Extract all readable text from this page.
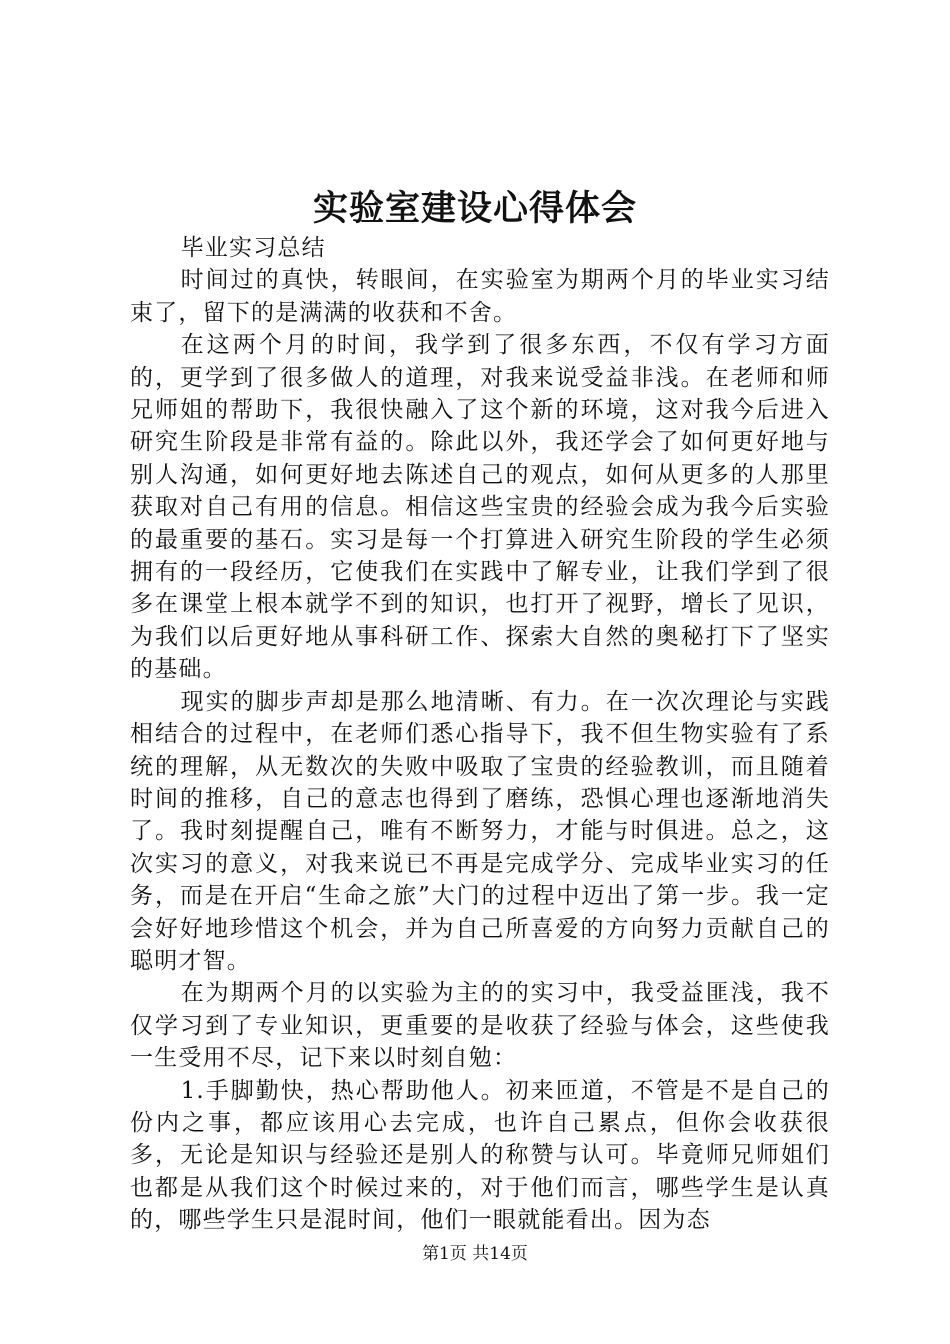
实验室建设心得体会

毕业实习总结

时间过的真快，转眼间，在实验室为期两个月的毕业实习结束了，留下的是满满的收获和不舍。

在这两个月的时间，我学到了很多东西，不仅有学习方面的，更学到了很多做人的道理，对我来说受益非浅。在老师和师兄师姐的帮助下，我很快融入了这个新的环境，这对我今后进入研究生阶段是非常有益的。除此以外，我还学会了如何更好地与别人沟通，如何更好地去陈述自己的观点，如何从更多的人那里获取对自己有用的信息。相信这些宝贵的经验会成为我今后实验的最重要的基石。实习是每一个打算进入研究生阶段的学生必须拥有的一段经历，它使我们在实践中了解专业，让我们学到了很多在课堂上根本就学不到的知识，也打开了视野，增长了见识，为我们以后更好地从事科研工作、探索大自然的奥秘打下了坚实的基础。

现实的脚步声却是那么地清晰、有力。在一次次理论与实践相结合的过程中，在老师们悉心指导下，我不但生物实验有了系统的理解，从无数次的失败中吸取了宝贵的经验教训，而且随着时间的推移，自己的意志也得到了磨练，恐惧心理也逐渐地消失了。我时刻提醒自己，唯有不断努力，才能与时俱进。总之，这次实习的意义，对我来说已不再是完成学分、完成毕业实习的任务，而是在开启“生命之旅”大门的过程中迈出了第一步。我一定会好好地珍惜这个机会，并为自己所喜爱的方向努力贡献自己的聪明才智。

在为期两个月的以实验为主的的实习中，我受益匪浅，我不仅学习到了专业知识，更重要的是收获了经验与体会，这些使我一生受用不尽，记下来以时刻自勉：

1.手脚勤快，热心帮助他人。初来匝道，不管是不是自己的份内之事，都应该用心去完成，也许自己累点，但你会收获很多，无论是知识与经验还是别人的称赞与认可。毕竟师兄师姐们也都是从我们这个时候过来的，对于他们而言，哪些学生是认真的，哪些学生只是混时间，他们一眼就能看出。因为态

第1页 共14页
